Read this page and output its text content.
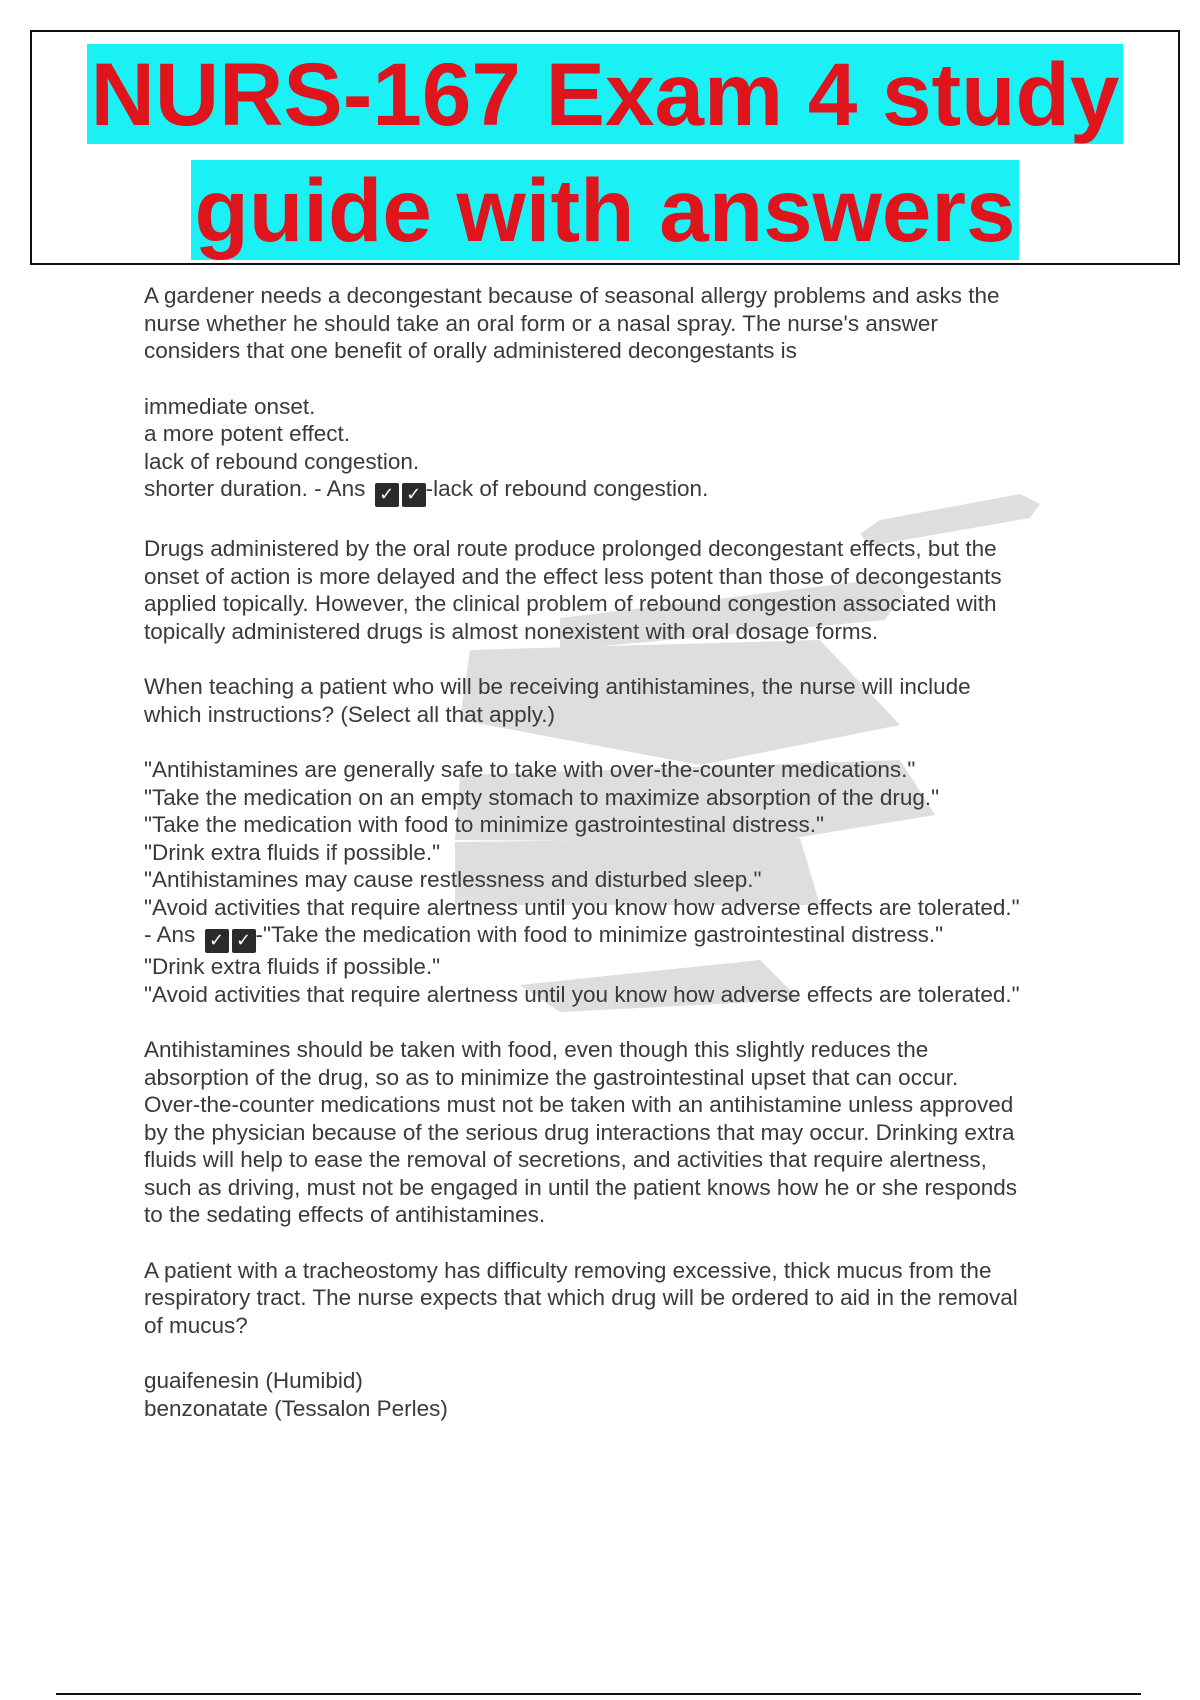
NURS-167 Exam 4 study
guide with answers

A gardener needs a decongestant because of seasonal allergy problems and asks the
nurse whether he should take an oral form or a nasal spray. The nurse's answer
considers that one benefit of orally administered decongestants is
immediate onset.
a more potent effect.
lack of rebound congestion.
shorter duration. - Ans ✓ ✓ -lack of rebound congestion.
Drugs administered by the oral route produce prolonged decongestant effects, but the
onset of action is more delayed and the effect less potent than those of decongestants
applied topically. However, the clinical problem of rebound congestion associated with
topically administered drugs is almost nonexistent with oral dosage forms.
When teaching a patient who will be receiving antihistamines, the nurse will include
which instructions? (Select all that apply.)
"Antihistamines are generally safe to take with over-the-counter medications."
"Take the medication on an empty stomach to maximize absorption of the drug."
"Take the medication with food to minimize gastrointestinal distress."
"Drink extra fluids if possible."
"Antihistamines may cause restlessness and disturbed sleep."
"Avoid activities that require alertness until you know how adverse effects are tolerated."
- Ans ✓ ✓ -"Take the medication with food to minimize gastrointestinal distress."
"Drink extra fluids if possible."
"Avoid activities that require alertness until you know how adverse effects are tolerated."
Antihistamines should be taken with food, even though this slightly reduces the
absorption of the drug, so as to minimize the gastrointestinal upset that can occur.
Over-the-counter medications must not be taken with an antihistamine unless approved
by the physician because of the serious drug interactions that may occur. Drinking extra
fluids will help to ease the removal of secretions, and activities that require alertness,
such as driving, must not be engaged in until the patient knows how he or she responds
to the sedating effects of antihistamines.
A patient with a tracheostomy has difficulty removing excessive, thick mucus from the
respiratory tract. The nurse expects that which drug will be ordered to aid in the removal
of mucus?
guaifenesin (Humibid)
benzonatate (Tessalon Perles)
